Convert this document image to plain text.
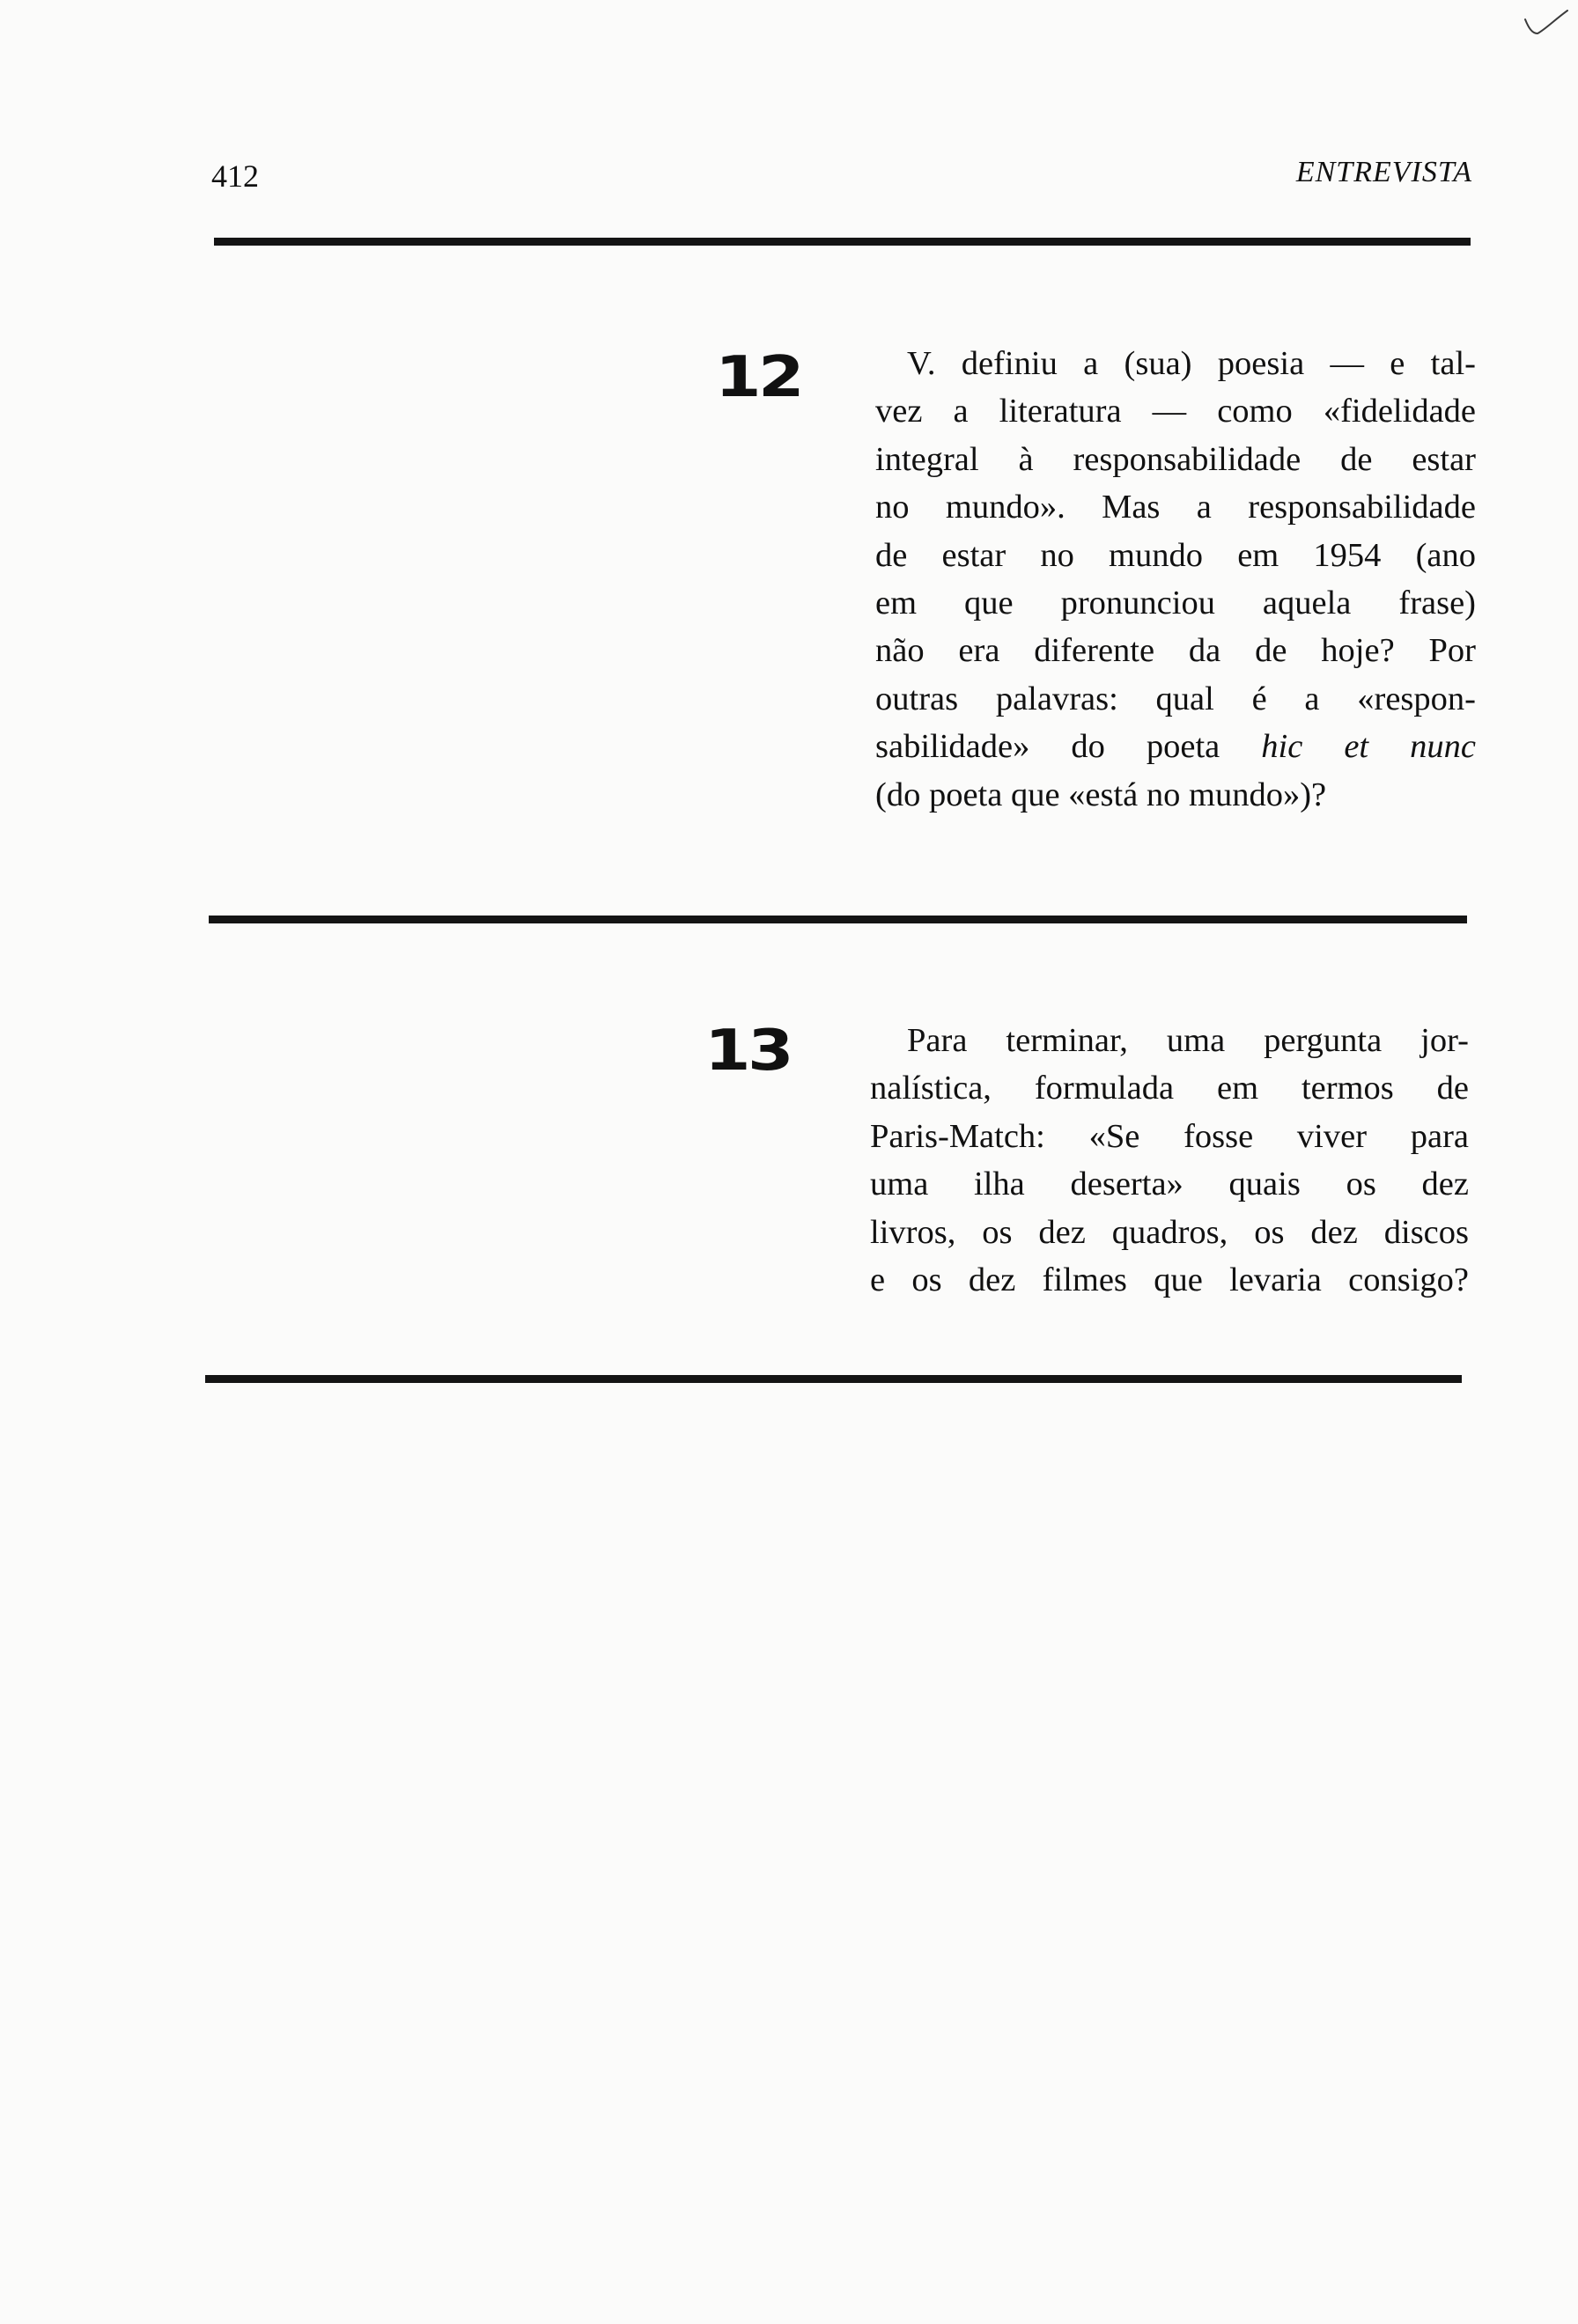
412	ENTREVISTA
12	V. definiu a (sua) poesia — e tal-
vez a literatura — como «fidelidade
integral à responsabilidade de estar
no mundo». Mas a responsabilidade
de estar no mundo em 1954 (ano
em que pronunciou aquela frase)
não era diferente da de hoje? Por
outras palavras: qual é a «respon-
sabilidade» do poeta hic et nunc
(do poeta que «está no mundo»)?
13	Para terminar, uma pergunta jor-
nalística, formulada em termos de
Paris-Match: «Se fosse viver para
uma ilha deserta» quais os dez
livros, os dez quadros, os dez discos
e os dez filmes que levaria consigo?
